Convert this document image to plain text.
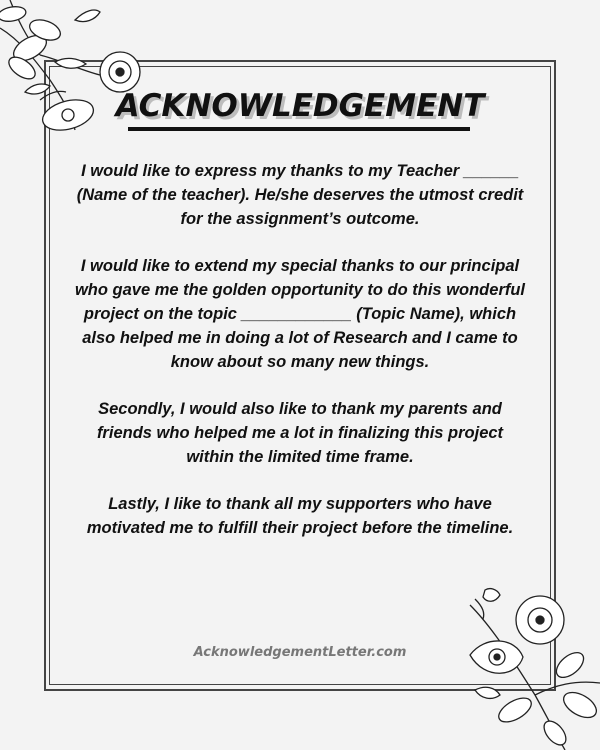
ACKNOWLEDGEMENT

I would like to express my thanks to my Teacher ______ (Name of the teacher). He/she deserves the utmost credit for the assignment’s outcome.

I would like to extend my special thanks to our principal who gave me the golden opportunity to do this wonderful project on the topic ____________ (Topic Name), which also helped me in doing a lot of Research and I came to know about so many new things.

Secondly, I would also like to thank my parents and friends who helped me a lot in finalizing this project within the limited time frame.

Lastly, I like to thank all my supporters who have motivated me to fulfill their project before the timeline.

AcknowledgementLetter.com
